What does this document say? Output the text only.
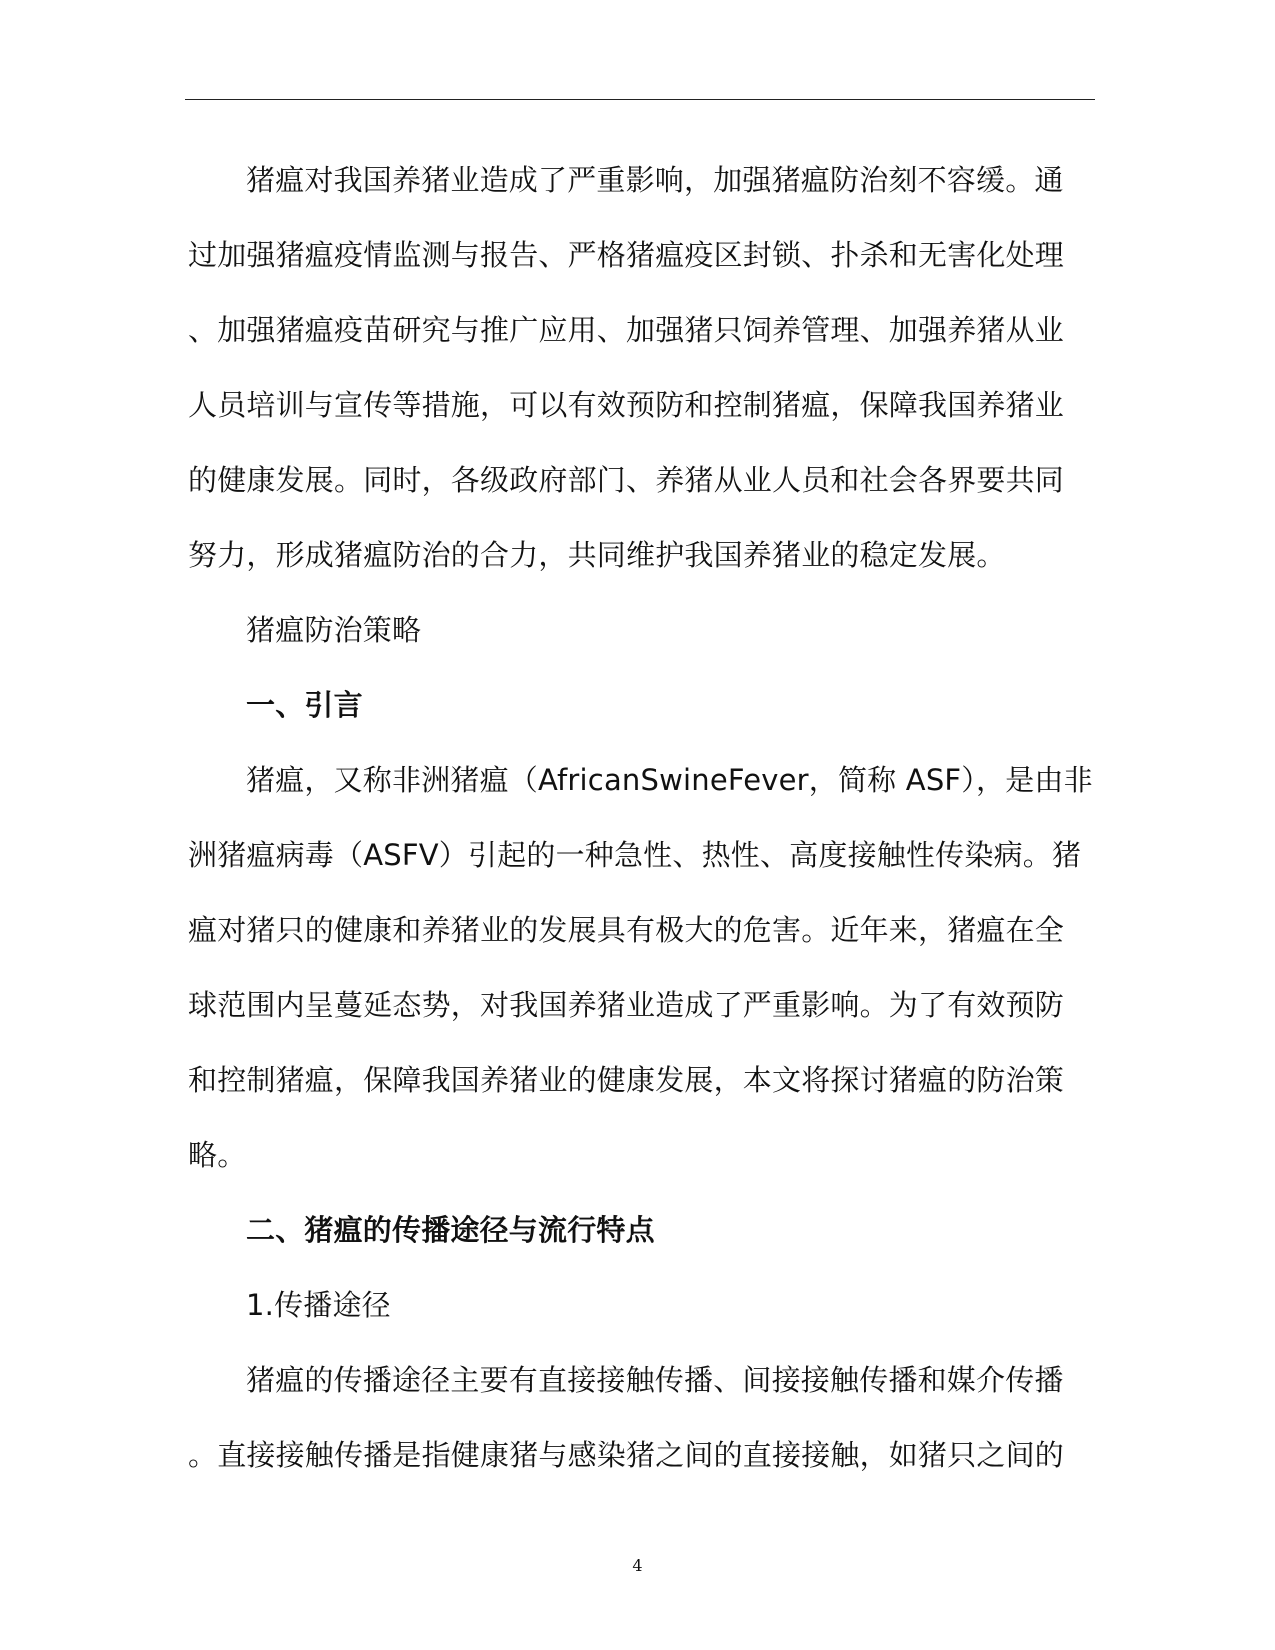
猪瘟对我国养猪业造成了严重影响，加强猪瘟防治刻不容缓。通
过加强猪瘟疫情监测与报告、严格猪瘟疫区封锁、扑杀和无害化处理
、加强猪瘟疫苗研究与推广应用、加强猪只饲养管理、加强养猪从业
人员培训与宣传等措施，可以有效预防和控制猪瘟，保障我国养猪业
的健康发展。同时，各级政府部门、养猪从业人员和社会各界要共同
努力，形成猪瘟防治的合力，共同维护我国养猪业的稳定发展。
猪瘟防治策略
一、引言
猪瘟，又称非洲猪瘟（AfricanSwineFever，简称 ASF），是由非
洲猪瘟病毒（ASFV）引起的一种急性、热性、高度接触性传染病。猪
瘟对猪只的健康和养猪业的发展具有极大的危害。近年来，猪瘟在全
球范围内呈蔓延态势，对我国养猪业造成了严重影响。为了有效预防
和控制猪瘟，保障我国养猪业的健康发展，本文将探讨猪瘟的防治策
略。
二、猪瘟的传播途径与流行特点
1.传播途径
猪瘟的传播途径主要有直接接触传播、间接接触传播和媒介传播
。直接接触传播是指健康猪与感染猪之间的直接接触，如猪只之间的
4
